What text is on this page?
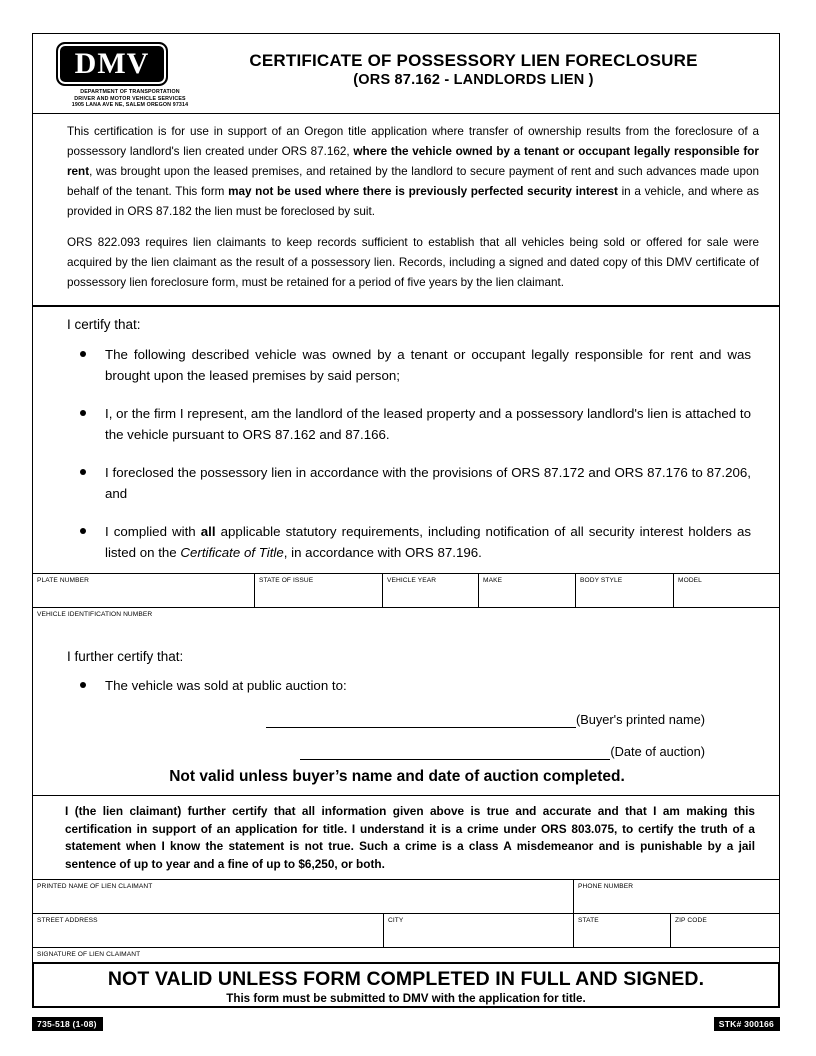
DMV
DEPARTMENT OF TRANSPORTATION
DRIVER AND MOTOR VEHICLE SERVICES
1905 LANA AVE NE, SALEM OREGON 97314
CERTIFICATE OF POSSESSORY LIEN FORECLOSURE
(ORS 87.162 - LANDLORDS LIEN )

This certification is for use in support of an Oregon title application where transfer of ownership results from the foreclosure of a possessory landlord's lien created under ORS 87.162, where the vehicle owned by a tenant or occupant legally responsible for rent, was brought upon the leased premises, and retained by the landlord to secure payment of rent and such advances made upon behalf of the tenant. This form may not be used where there is previously perfected security interest in a vehicle, and where as provided in ORS 87.182 the lien must be foreclosed by suit.

ORS 822.093 requires lien claimants to keep records sufficient to establish that all vehicles being sold or offered for sale were acquired by the lien claimant as the result of a possessory lien. Records, including a signed and dated copy of this DMV certificate of possessory lien foreclosure form, must be retained for a period of five years by the lien claimant.

I certify that:
The following described vehicle was owned by a tenant or occupant legally responsible for rent and was brought upon the leased premises by said person;
I, or the firm I represent, am the landlord of the leased property and a possessory landlord's lien is attached to the vehicle pursuant to ORS 87.162 and 87.166.
I foreclosed the possessory lien in accordance with the provisions of ORS 87.172 and ORS 87.176 to 87.206, and
I complied with all applicable statutory requirements, including notification of all security interest holders as listed on the Certificate of Title, in accordance with ORS 87.196.
PLATE NUMBER	STATE OF ISSUE	VEHICLE YEAR	MAKE	BODY STYLE	MODEL
VEHICLE IDENTIFICATION NUMBER
I further certify that:
The vehicle was sold at public auction to:
(Buyer's printed name)
(Date of auction)
Not valid unless buyer’s name and date of auction completed.

I (the lien claimant) further certify that all information given above is true and accurate and that I am making this certification in support of an application for title. I understand it is a crime under ORS 803.075, to certify the truth of a statement when I know the statement is not true. Such a crime is a class A misdemeanor and is punishable by a jail sentence of up to year and a fine of up to $6,250, or both.

PRINTED NAME OF LIEN CLAIMANT	PHONE NUMBER
STREET ADDRESS	CITY	STATE	ZIP CODE
SIGNATURE OF LIEN CLAIMANT
NOT VALID UNLESS FORM COMPLETED IN FULL AND SIGNED.
This form must be submitted to DMV with the application for title.
735-518 (1-08)	STK# 300166
